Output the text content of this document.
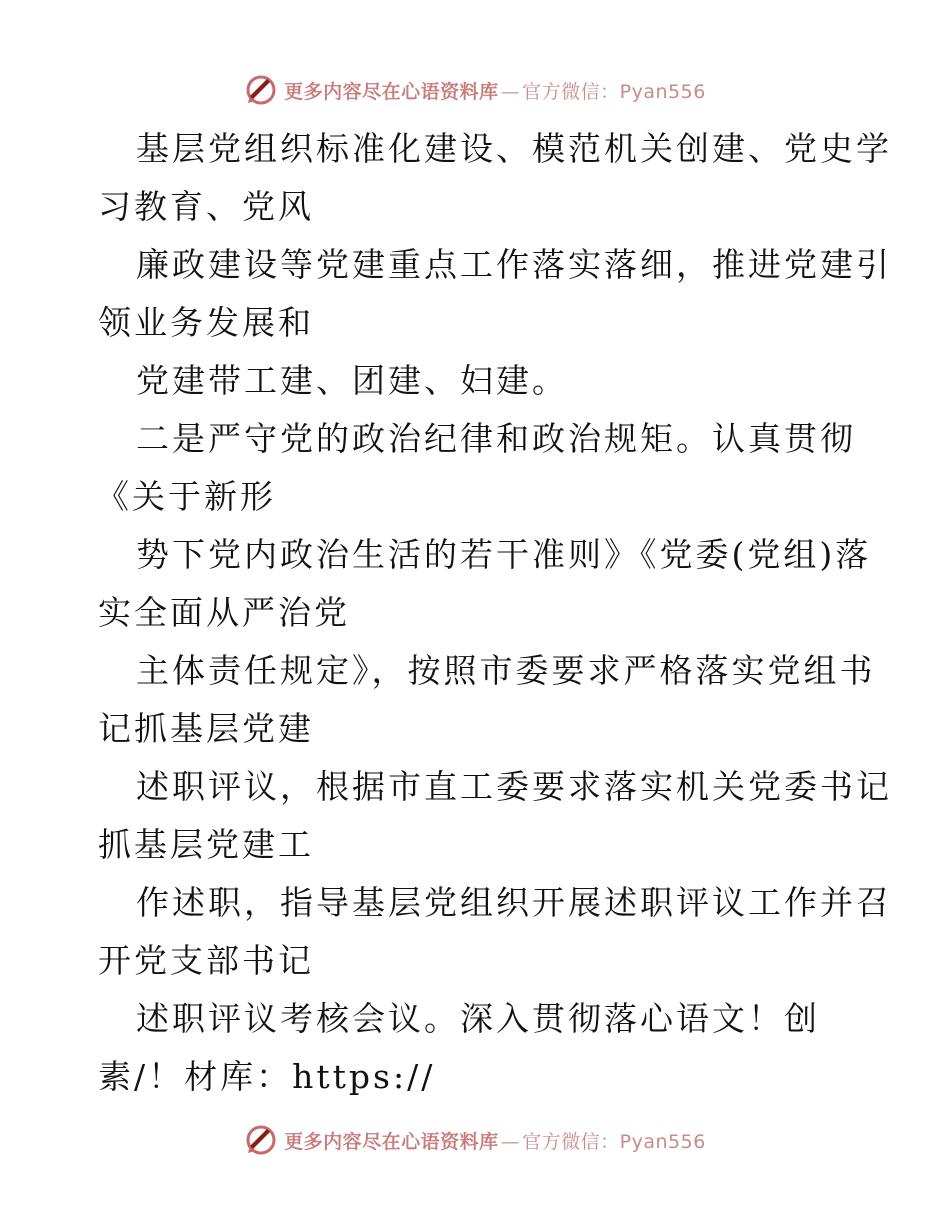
更多内容尽在心语资料库 — 官方微信：Pyan556
基层党组织标准化建设、模范机关创建、党史学
习教育、党风
廉政建设等党建重点工作落实落细，推进党建引
领业务发展和
党建带工建、团建、妇建。
二是严守党的政治纪律和政治规矩。认真贯彻
《关于新形
势下党内政治生活的若干准则》《党委(党组)落
实全面从严治党
主体责任规定》，按照市委要求严格落实党组书
记抓基层党建
述职评议，根据市直工委要求落实机关党委书记
抓基层党建工
作述职，指导基层党组织开展述职评议工作并召
开党支部书记
述职评议考核会议。深入贯彻落心语文！创
素/！材库：https://
更多内容尽在心语资料库 — 官方微信：Pyan556
